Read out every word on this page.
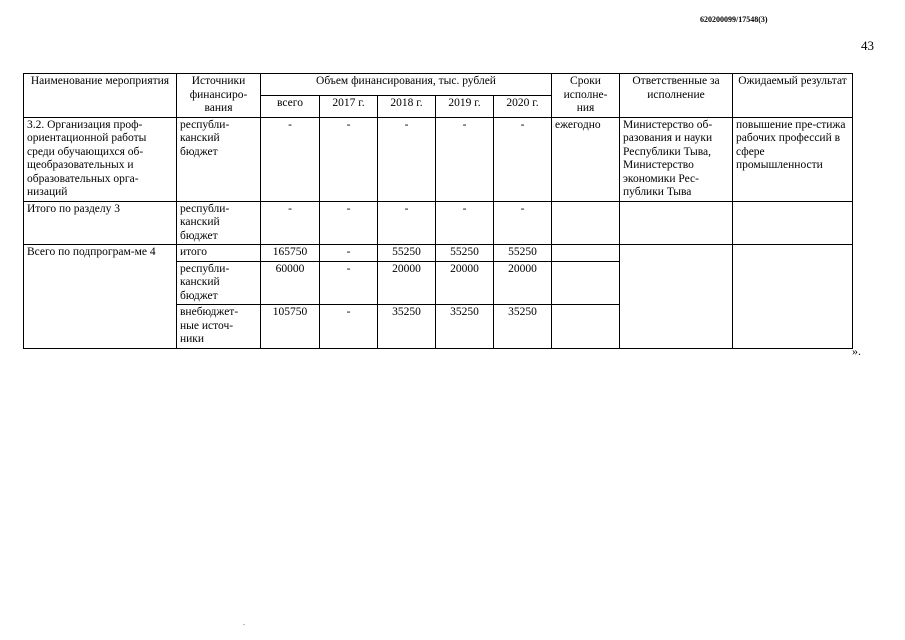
620200099/17548(3)
43
Наименование мероприятия	Источники финансиро-вания	Объем финансирования, тыс. рублей					Сроки исполне-ния	Ответственные за исполнение	Ожидаемый результат
		всего	2017 г.	2018 г.	2019 г.	2020 г.			
3.2. Организация проф-ориентационной работы среди обучающихся об-щеобразовательных и образовательных орга-низаций	республи-канский бюджет	-	-	-	-	-	ежегодно	Министерство об-разования и науки Республики Тыва, Министерство экономики Рес-публики Тыва	повышение пре-стижа рабочих профессий в сфере промышленности
Итого по разделу 3	республи-канский бюджет	-	-	-	-	-			
Всего по подпрограм-ме 4	итого	165750	-	55250	55250	55250			
	республи-канский бюджет	60000	-	20000	20000	20000			
	внебюджет-ные источ-ники	105750	-	35250	35250	35250			
».
